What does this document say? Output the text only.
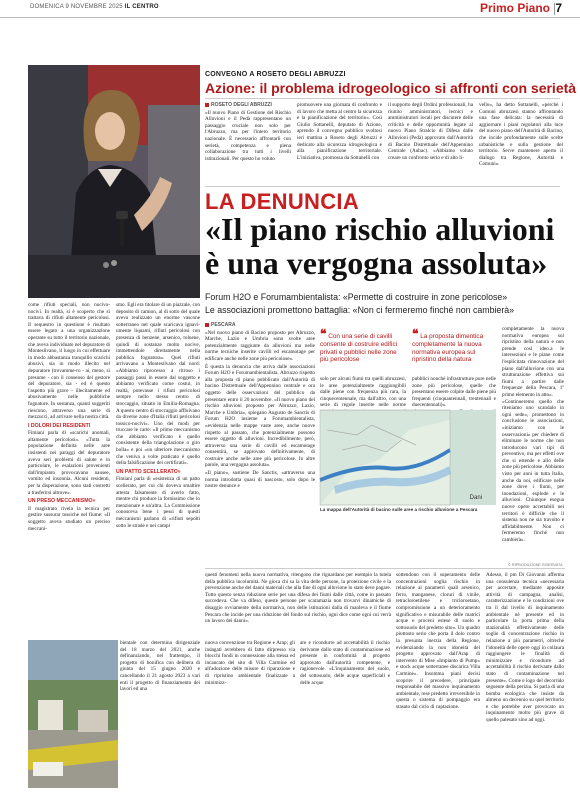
DOMENICA 9 NOVEMBRE 2025 IL CENTRO	Primo Piano 7
CONVEGNO A ROSETO DEGLI ABRUZZI
Azione: il problema idrogeologico si affronti con serietà
ROSETO DEGLI ABRUZZI
«Il nuovo Piano di Gestione del Rischio Alluvioni e il Pedà rappresentano un passaggio cruciale non solo per l'Abruzzo, ma per l'intero territorio nazionale. È necessario affrontarli con serietà, competenza e piena collaborazione tra tutti i livelli istituzionali. Per questo ho voluto
promuovere una giornata di confronto e di lavoro che metta al centro la sicurezza e la pianificazione del territorio». Così Giulio Sottanelli, deputato di Azione, aprendo il convegno pubblico svoltosi ieri mattina a Roseto degli Abruzzi e dedicato alla sicurezza idrogeologica e alla pianificazione territoriale. L'iniziativa, promossa da Sottanelli con
il supporto degli Ordini professionali, ha riunito amministratori, tecnici e amministratori locali per discutere delle criticità e delle opportunità legate al nuovo Piano Stralcio di Difesa dalle Alluvioni (Pedà) approvato dall'Autorità di Bacino Distrettuale dell'Appennino Centrale (Aubac). «Abbiamo voluto creare un confronto serio e di alto li-
vello», ha detto Sottanelli, «perché i Comuni abruzzesi stanno affrontando una fase delicata: la necessità di aggiornare i piani regolatori alla luce del nuovo piano dell'Autorità di Bacino, che incide profondamente sulle scelte urbanistiche e sulla gestione del territorio. Serve mantenere aperto il dialogo tra Regione, Autorità e Comuni».
LA DENUNCIA
«Il piano rischio alluvioni
è una vergogna assoluta»
Forum H2O e Forumambientalista: «Permette di costruire in zone pericolose»
Le associazioni promettono battaglia: «Non ci fermeremo finché non cambierà»
come rifiuti speciali, non nocivo-nocivi. In realtà, si è scoperto che si trattava di rifiuti altamente pericolosi. Il sequestro in questione è risultato essere legato a una organizzazione operante su tutto il territorio nazionale, che aveva individuato nel depuratore di Montesilvano, il luogo in cui effettuare in modo abbastanza tranquillo scarichi abusivi, sia in modo illecito nel depuratore (trovamme-ro - ai, meno, si presume - con il consenso del gestore del depuratore, sia - ed è questo l'aspetto più grave - illecitamente ed abusivamente nelle pubbliche fognature. In sostanza, quanti suggeriti riescono, attraverso una serie di mezzucci, ad arrivare nella nostra città.
I DOLORI DEI RESIDENTI
Fimiani parla di «scarichi anomali, altamente pericolosi». «Tutta la popolazione definita nelle aree insistenti nei paraggi del depuratore aveva seri problemi di salute e in particolare, le esalazioni provenienti dall'impianto provocavano nausee, vomito ed insonnia. Alcuni residenti, per la disperazione, sono stati costretti a trasferirsi altrove».
UN PRESO MECCANISMO»
Il magistrato rivela la tecnica per gestire sussurar tossiche nel fiume: «Il soggetto aveva studiato un preciso meccani-
smo. Egli era titolare di un piazzale, con deposito di camion, al di sotto del quale aveva realizzato un enorme vascone sotterraneo nel quale scaricava ignavi-umente liquami, rifiuti pericolosi con presenza di benzene, arsenico, toluene, quindi di sostanze molto nocive, immettendole direttamente nella pubblica fognatura». Quei rifiuti arrivavano a Montesilvano dal nord: «Abbiamo riprocesso a ritroso i passaggi passi in essere dal soggetto e abbiamo verificato come costui, in realtà, potevasse i rifiuti pericolosi sempre nello stesso centro di stoccaggio, situato in Emilia-Romagna. A questo centro di stoccaggio affluivano da diverse zone d'Italia rifiuti pericolosi tossico-nocivi». Uno dei modi per truccare le carte: «Il primo meccanismo che abbiamo verificato è quello consistente della triangolazione o giro bolla» e poi «un ulteriore meccanismo che veniva a volte praticato è quello della falsificazione dei certificati».
UN PATTO SCELLERATO»
Fimiani parla di «esistenza di un patto scellerato, per cui chi doveva smaltire attesta falsamente di averlo fatto, mentre chi produce la fornissimo che lo menzionare e un'altra. La Commissione conosceva bene i pessi di questi meccanismi parlano di «rifiuti sepolti sotto le strade e nei campi
PESCARA
«Nel nuovo piano di Bacino proposto per Abruzzo, Marche, Lazio e Umbria sono svolte aree potenzialmente raggiunte da alluvioni ma nelle norme tecniche inserite cavilli ed escamotage per edificare anche nelle zone più pericolose».
È questa la denuncia che arriva dalle associazioni Forum H2O e Forumambientalista. Abruzzo rispetto alla proposta di piano pubblicato dall'Autorità di bacino Distrettuale dell'Appennino centrale e ora oggetto delle osservazioni del pubblico da presentare entro il 20 novembre. «Il nuovo piano del rischio alluvioni proposto per Abruzzo, Lazio, Marche e Umbria», spiegano Augusto de Sanctis di Forum H2O insieme a Forumambientalista, «evidenzia nelle mappe vaste aree, anche nuove rispetto al passato, che potenzialmente possono essere oggetto di alluvioni. Incredibilmente, però, attraverso una serie di cavilli ed escamotage consentirà, se approvato definitivamente, di costruire anche nelle aree più pericolose. In altre parole, una vergogna assoluta».
«Il piano», sostiene De Sanctis, «attraverso una norma introdotta quasi di nascosto, solo dopo le nostre denunce e
❝ Con una serie di cavilli consente di costruire edifici privati e pubblici nelle zone più pericolose
solo per alcuni fiumi tra quelli abruzzesi, le aree potenzialmente raggiungibili dalle piene con frequenza più rara, la cinquecentennale, ma dall'altro, con una serie di regole inserite nelle norme
❝ La proposta dimentica completamente la nuova normativa europea sul ripristino della natura
pubblici nonché infrastrutture pure nelle zone più pericolose, quelle che presentano eseere colpite dalle piene più frequenti (cinquantennali, trentennali e duecentennali)».
Dani
La mappa dell'Autorità di bacino sulle aree a rischio alluvione a Pescara
completamente la nuova normativa europea sul ripristino della natura e non prende così ideo.a le intersezioni e le piane come l'esplicitata rinnovazione del piano dall'alluvione con una strutturazione effettiva sui fiumi a partire dalle frequenze della Pescara, 1º primo elemento in atto».
«Continueremo quello che riteniamo uno scandalo in ogni sede», promettono in conclusione le associazioni, «iniziamo con le osservazioni» per chiedere di eliminare le norme che non introducono vari tipi di preventivo, ma per effetti ove che si estende e allo delle zone più pericolose. Abbiamo visto per anni in tutta Italia, anche da noi, edificare nelle zone dove i fiumi, per inondazioni, esplode e le alluvioni. Chiunque esegua nuove opere accettabili nei territori è difficile che il sistema non ne sia travolto e affidabilmente. Non ci fermeremo finché non cambierà».
© RIPRODUZIONE RISERVATA
bientale con determina dirigenziale del 18 marzo del 2021, anche definanziando, nel frattempo, il progetto di bonifica con delibera di giunta del 15 giugno 2020 e cancellando il 21 agosto 2023 a vari enti il progetto di finanziamento dei lavori ed una
nuova convenzione tra Regione e Arap; gli indagati avrebbero di fatto dirpresso via blocchi fondi in connessione alla stessa ed incancato del sito di Villa Carmine ed all'adozione delle misure di riparazione e di ripristino ambientale finalizzate a minimizz-
are e ricondurre ad accettabilità il rischio derivante dallo stato di contaminazione ed presente in conformità al progetto approvato dall'autorità competente, e ragionevole. «L'inquinamento del suolo, del sottosuolo, delle acque superficiali e delle acque
sottendono con il superamento delle concentrazioni soglia rischio in relazione ai parametri quali arsenico, ferro, manganese, cloruri di vinile, tetracloroetilene e tricloroetano, compromissione a un deterioramento significativo e misurabile delle matrici acque e proceni estese di suolo e sottosuolo del predetto sito». Un quadro piuttosto serio che porta il dolo contro la presunta inerzia della Regione, evidenziando la non idoneità del progetto approvato dall'Arap di intervento di Mise «Impianto di Pump» e stock acque sotterranee discarica Villa Carmine». Insomma piani decisi scoprire il precedere, principale responsabile del massivo inquinamento ambientale, rese predetto irreversibile in questa o sistema di pompaggio era stasato dal ciclo di captazione.
Adesso, il pm Di Giovanni afferma una consulenza tecnica «necessaria per accertare, mediante apposite attività di campagna, analisi, caratterizzazione e le condizioni ove tra il dal livello di inquinamento ambientale nè presente ed in particolare la porta prima della stazionalità effettivamente delle soglie di concentrazione rischio in relazione a più parametri, oltreché l'idoneità delle opere oggi in collaura raggiungere le finalità di minimizzare e ricondurre ad accettabilità il rischio derivante dallo stato di contaminazione nel presente». Come e logo del decorrido seguente della perizia. Si parla di una bomba ecologica che insiste da almeno un decennio su quel territorio e che potrebbe aver provocato un inquinamento molto più grave di quello palesato sino ad oggi.
questi fenomeni nella nuova normativa, ritengono che riguardano per esempio la tutela della pubblica incolumità. Ne gioca chi sa la vita delle persone, la protezione civile e la prevenzione anche del danni materiali che alla fine di ogni alluvione lo stato deve pagare. Tutto questo senza riduzione serie per una difesa dei fiumi dalle città, come in passato succedeva. Che va difeso, queste persone per scaramazia non trovarvi dinamiche di disaggio ovviamente della normativa, non delle istituzioni dalla di manleva e il fiume Pescara che incide per una riduzione del fondo sul rischio, ogni dice come ogni cui verrà un lavoro dei danni».
